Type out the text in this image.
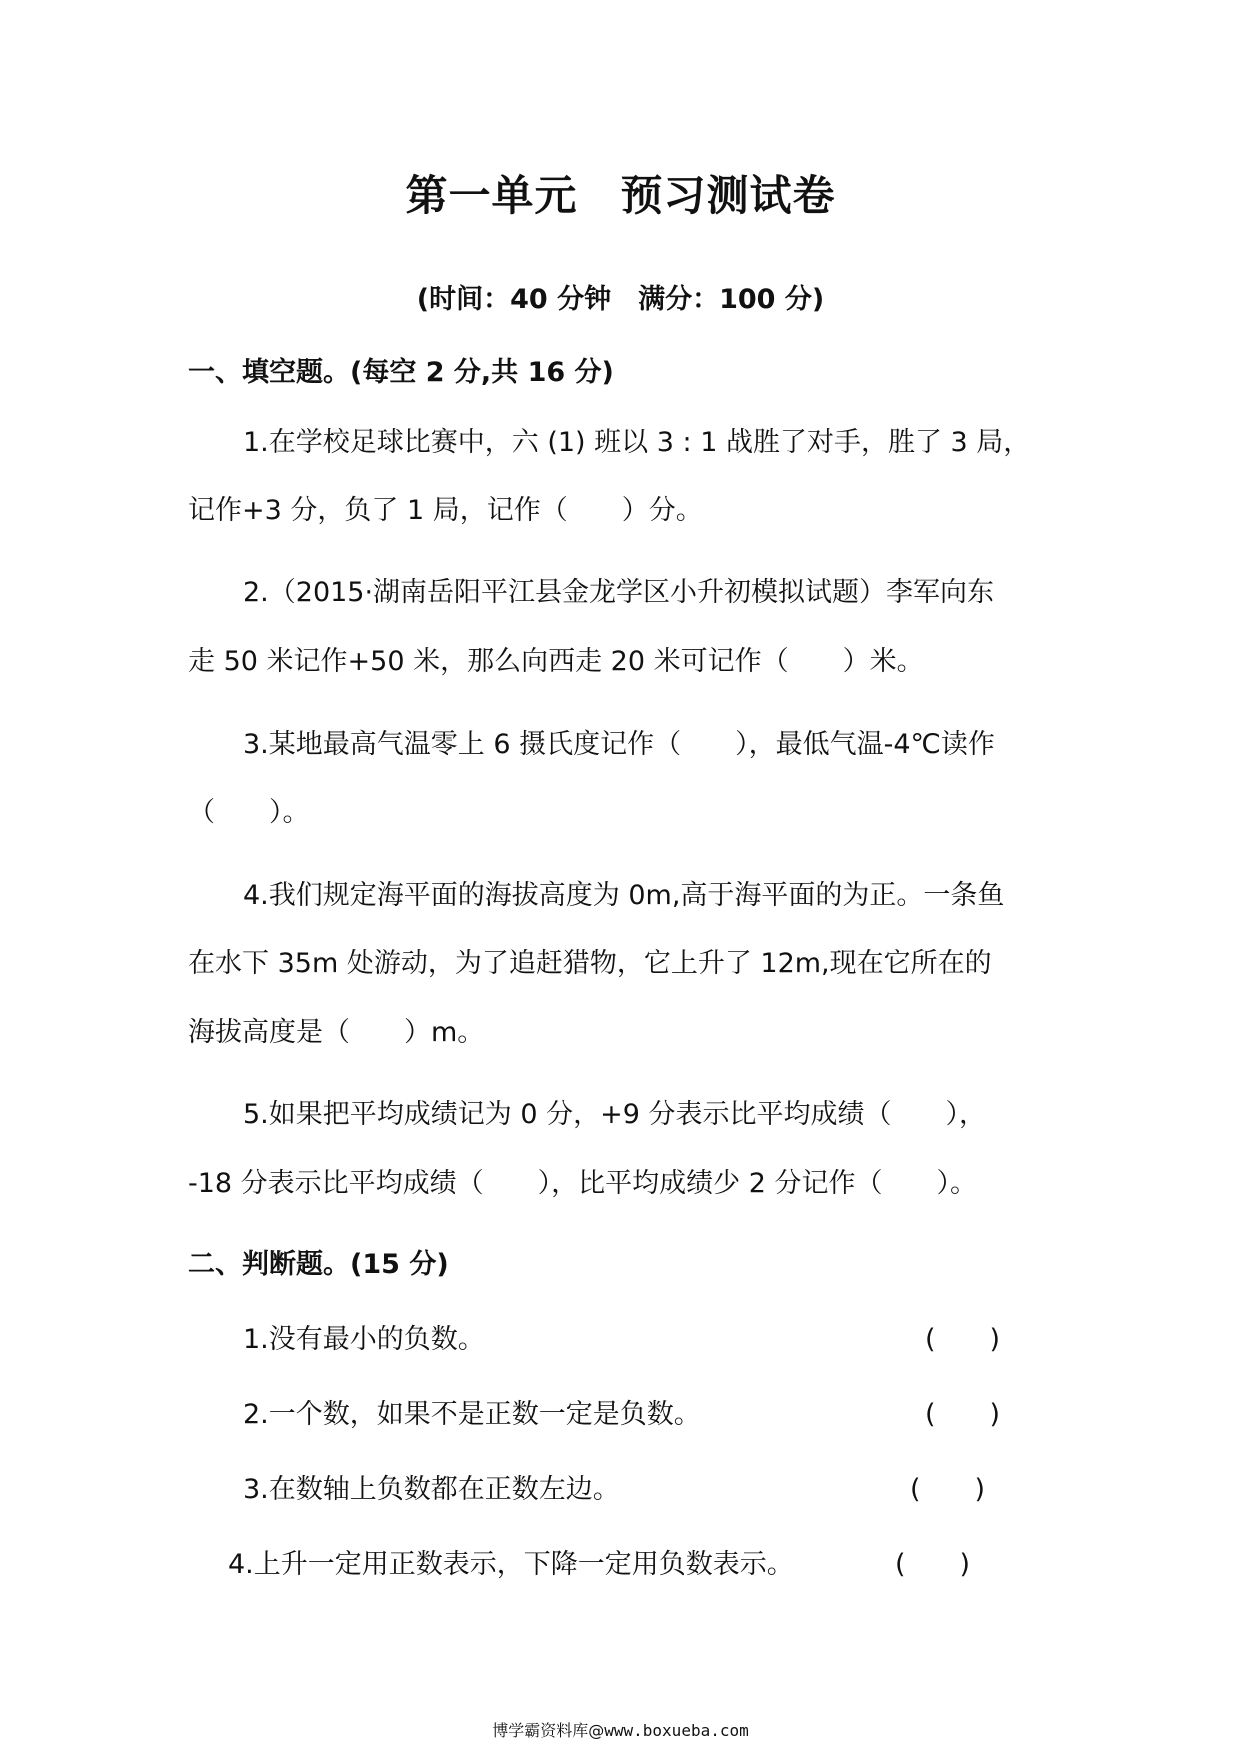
第一单元　预习测试卷
(时间：40 分钟　满分：100 分)
一、填空题。(每空 2 分,共 16 分)
1.在学校足球比赛中，六 (1) 班以 3 : 1 战胜了对手，胜了 3 局，
记作+3 分，负了 1 局，记作（　　）分。
2.（2015·湖南岳阳平江县金龙学区小升初模拟试题）李军向东
走 50 米记作+50 米，那么向西走 20 米可记作（　　）米。
3.某地最高气温零上 6 摄氏度记作（　　），最低气温-4℃读作
（　　）。
4.我们规定海平面的海拔高度为 0m,高于海平面的为正。一条鱼
在水下 35m 处游动，为了追赶猎物，它上升了 12m,现在它所在的
海拔高度是（　　）m。
5.如果把平均成绩记为 0 分，+9 分表示比平均成绩（　　），
-18 分表示比平均成绩（　　），比平均成绩少 2 分记作（　　）。
二、判断题。(15 分)
1.没有最小的负数。	(　　)
2.一个数，如果不是正数一定是负数。	(　　)
3.在数轴上负数都在正数左边。	(　　)
4.上升一定用正数表示，下降一定用负数表示。	(　　)
博学霸资料库@www.boxueba.com
